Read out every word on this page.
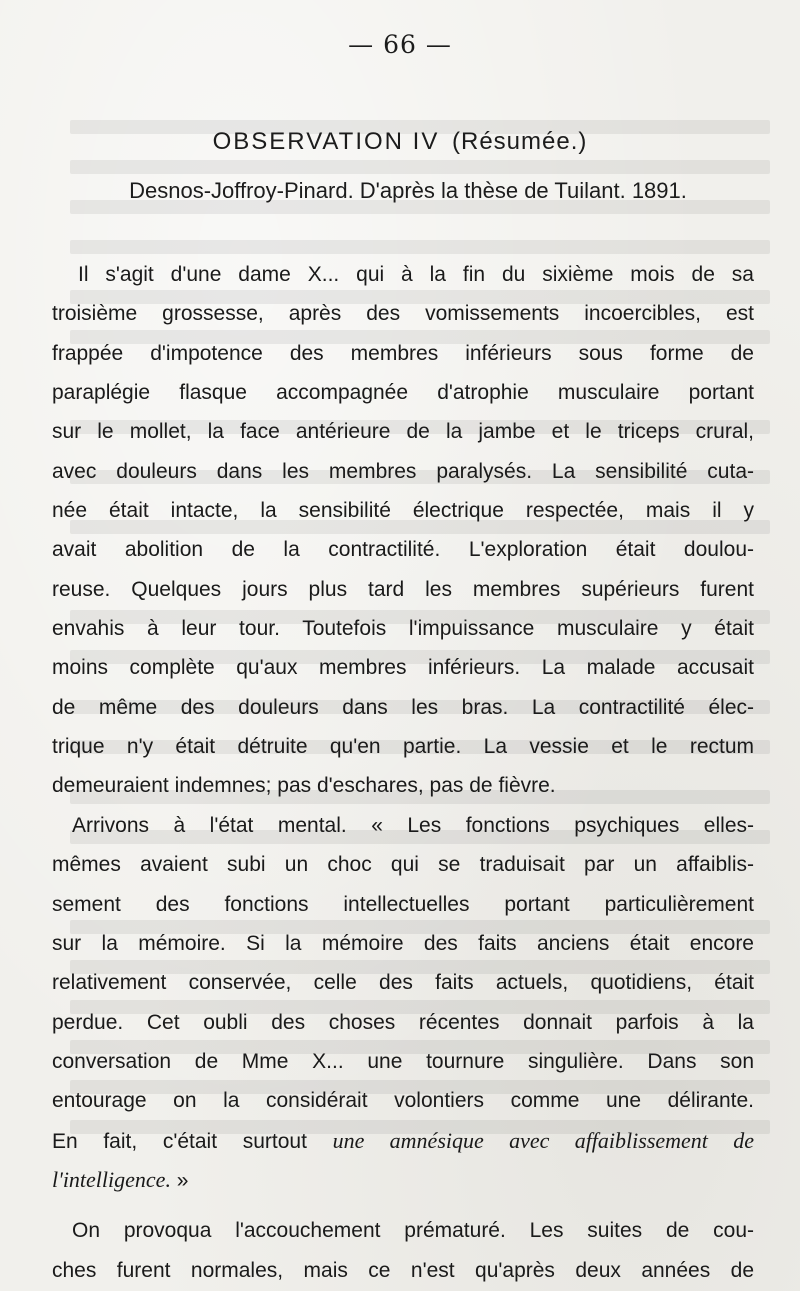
— 66 —
OBSERVATION IV (Résumée.)
Desnos-Joffroy-Pinard. D'après la thèse de Tuilant. 1891.
Il s'agit d'une dame X... qui à la fin du sixième mois de sa
troisième grossesse, après des vomissements incoercibles, est
frappée d'impotence des membres inférieurs sous forme de
paraplégie flasque accompagnée d'atrophie musculaire portant
sur le mollet, la face antérieure de la jambe et le triceps crural,
avec douleurs dans les membres paralysés. La sensibilité cuta-
née était intacte, la sensibilité électrique respectée, mais il y
avait abolition de la contractilité. L'exploration était doulou-
reuse. Quelques jours plus tard les membres supérieurs furent
envahis à leur tour. Toutefois l'impuissance musculaire y était
moins complète qu'aux membres inférieurs. La malade accusait
de même des douleurs dans les bras. La contractilité élec-
trique n'y était détruite qu'en partie. La vessie et le rectum
demeuraient indemnes; pas d'eschares, pas de fièvre.
Arrivons à l'état mental. « Les fonctions psychiques elles-
mêmes avaient subi un choc qui se traduisait par un affaiblis-
sement des fonctions intellectuelles portant particulièrement
sur la mémoire. Si la mémoire des faits anciens était encore
relativement conservée, celle des faits actuels, quotidiens, était
perdue. Cet oubli des choses récentes donnait parfois à la
conversation de Mme X... une tournure singulière. Dans son
entourage on la considérait volontiers comme une délirante.
En fait, c'était surtout une amnésique avec affaiblissement de
l'intelligence. »
On provoqua l'accouchement prématuré. Les suites de cou-
ches furent normales, mais ce n'est qu'après deux années de
